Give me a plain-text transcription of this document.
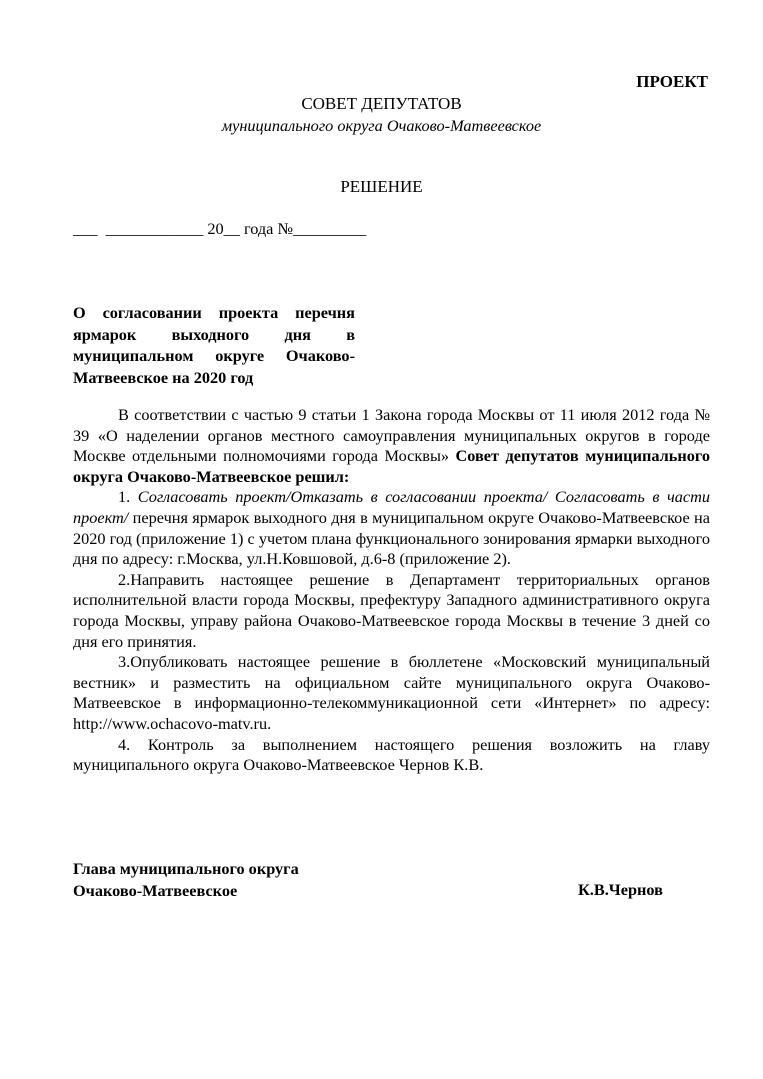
ПРОЕКТ
СОВЕТ ДЕПУТАТОВ
муниципального округа Очаково-Матвеевское
РЕШЕНИЕ
___  ____________ 20__ года №_________
О согласовании проекта перечня ярмарок выходного дня в муниципальном округе Очаково-Матвеевское на 2020 год

В соответствии с частью 9 статьи 1 Закона города Москвы от 11 июля 2012 года № 39 «О наделении органов местного самоуправления муниципальных округов в городе Москве отдельными полномочиями города Москвы» Совет депутатов муниципального округа Очаково-Матвеевское решил:

1. Согласовать проект/Отказать в согласовании проекта/ Согласовать в части проект/ перечня ярмарок выходного дня в муниципальном округе Очаково-Матвеевское на 2020 год (приложение 1) с учетом плана функционального зонирования ярмарки выходного дня по адресу: г.Москва, ул.Н.Ковшовой, д.6-8 (приложение 2).

2.Направить настоящее решение в Департамент территориальных органов исполнительной власти города Москвы, префектуру Западного административного округа города Москвы, управу района Очаково-Матвеевское города Москвы в течение 3 дней со дня его принятия.

3.Опубликовать настоящее решение в бюллетене «Московский муниципальный вестник» и разместить на официальном сайте муниципального округа Очаково-Матвеевское в информационно-телекоммуникационной сети «Интернет» по адресу: http://www.ochacovo-matv.ru.

4. Контроль за выполнением настоящего решения возложить на главу муниципального округа Очаково-Матвеевское Чернов К.В.

Глава муниципального округа
Очаково-Матвеевское	К.В.Чернов
